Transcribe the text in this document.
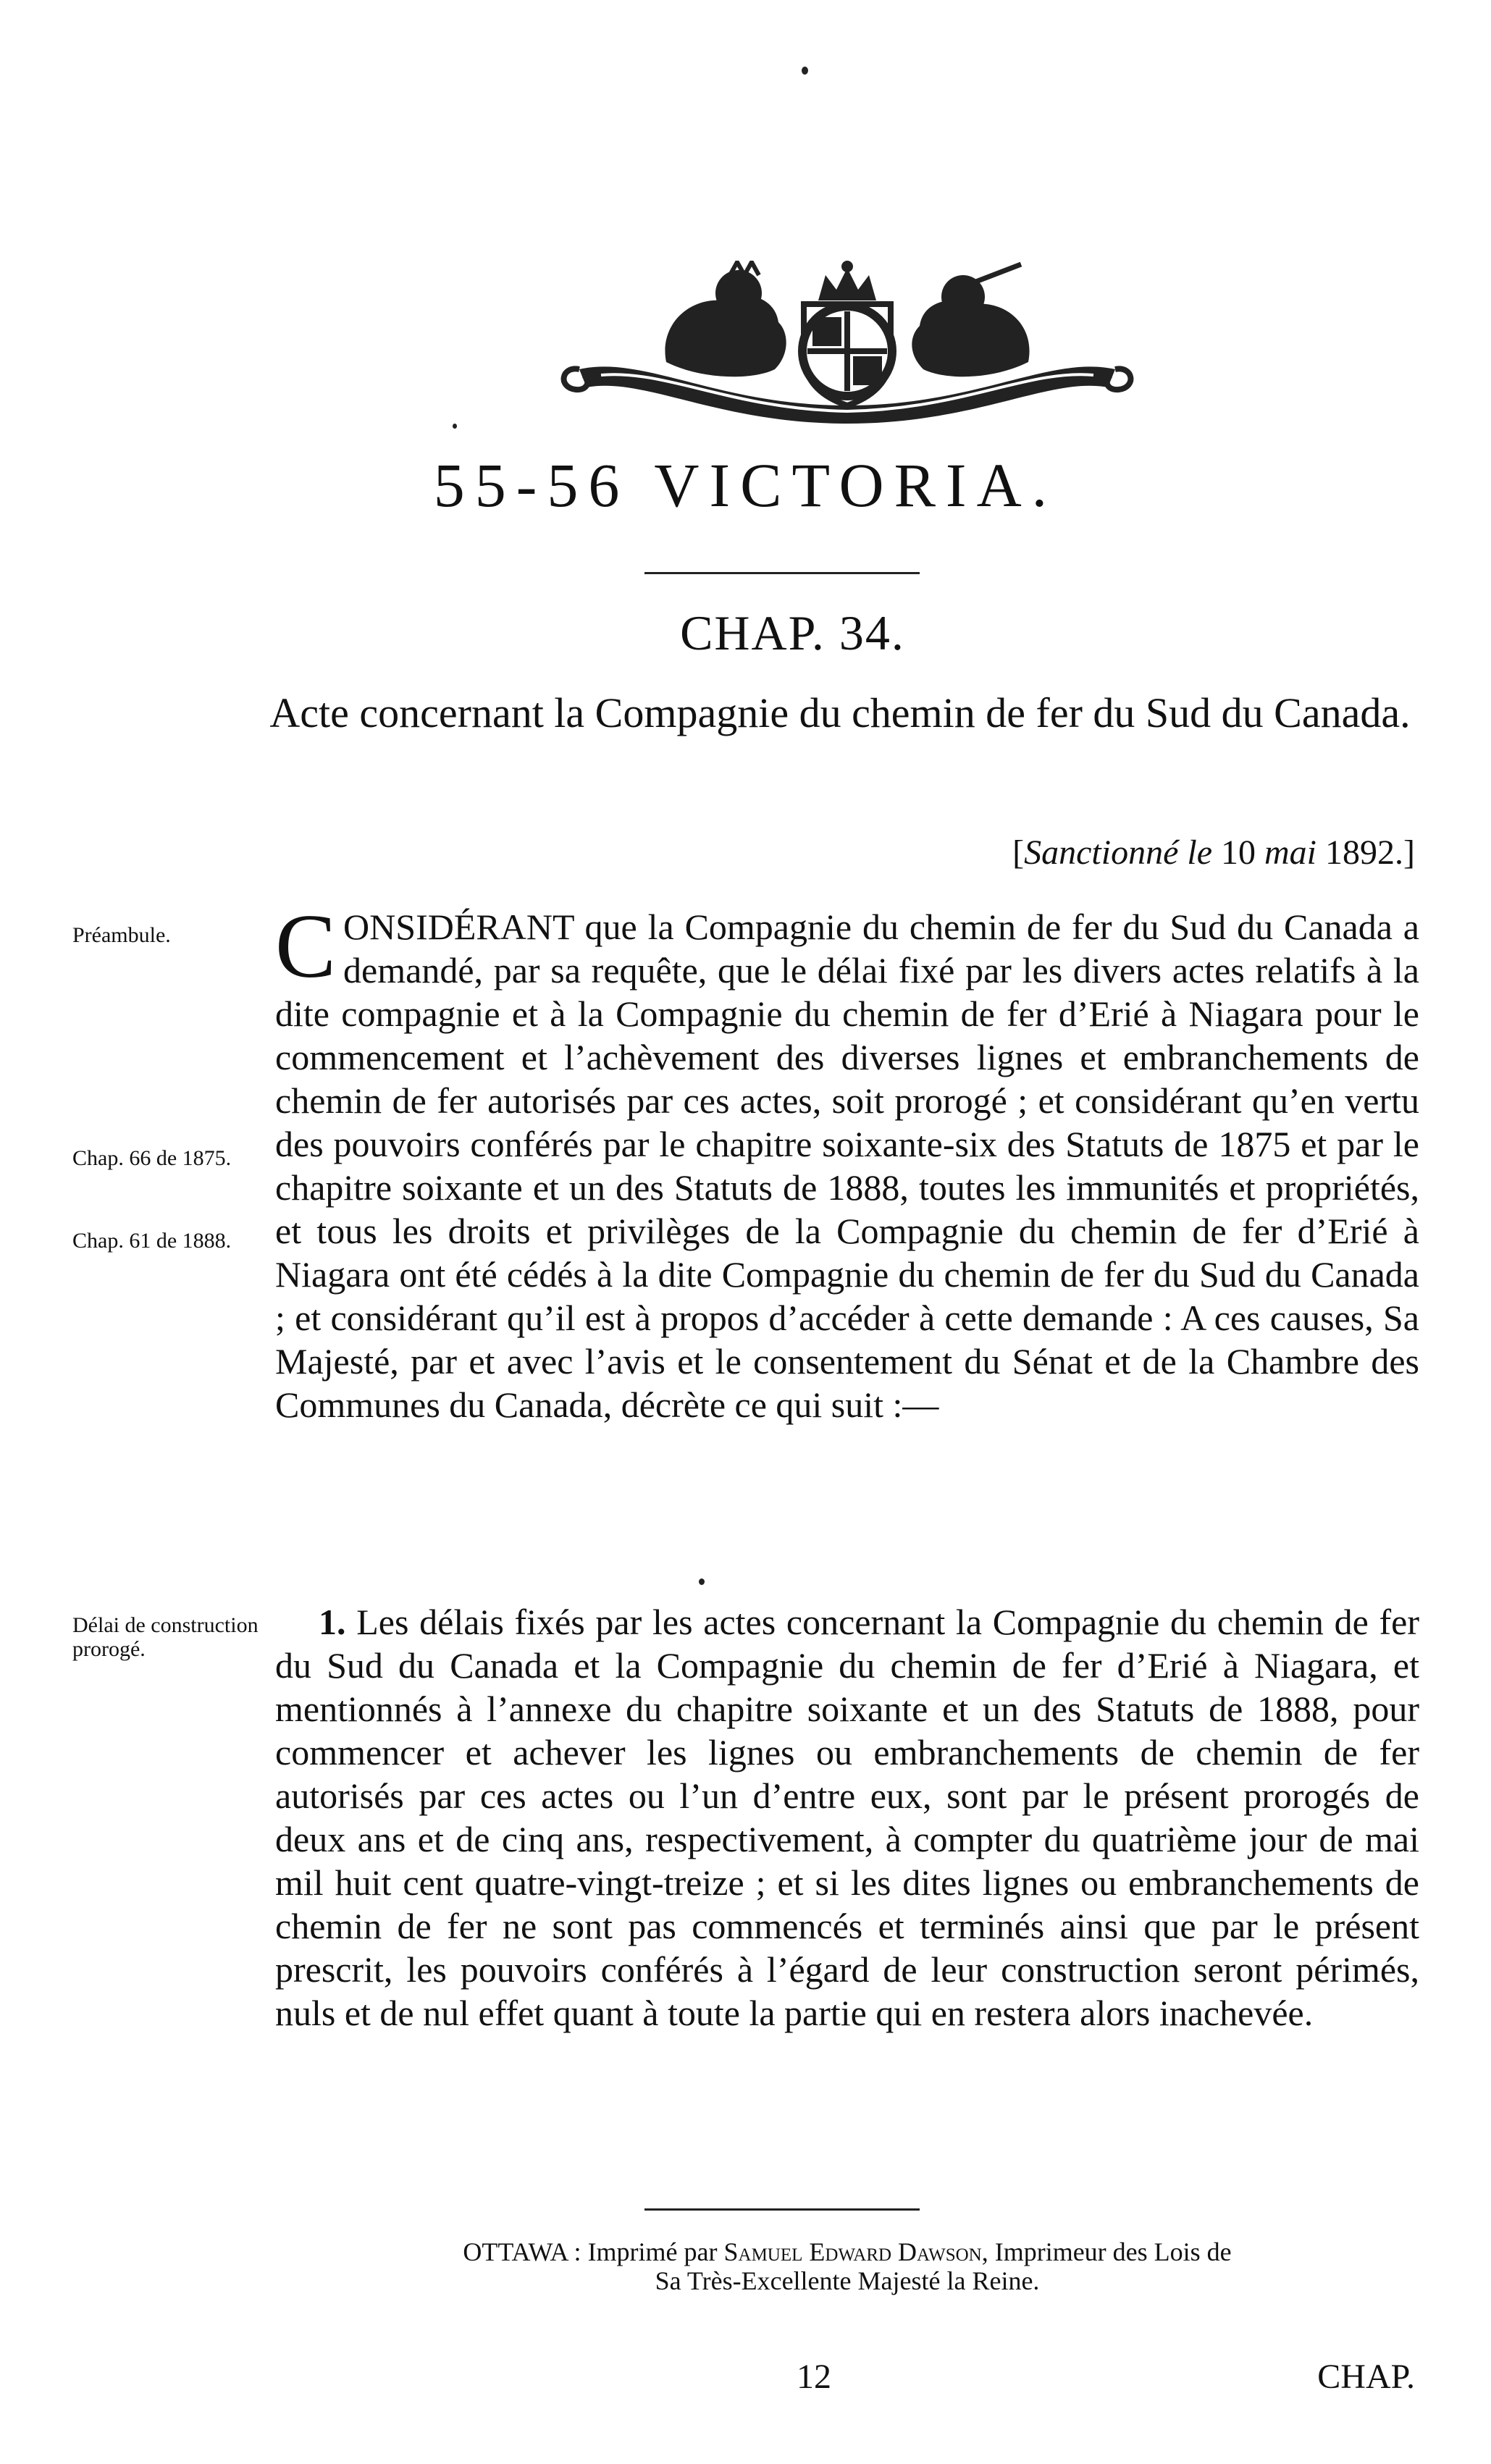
55-56 VICTORIA.
CHAP. 34.
Acte concernant la Compagnie du chemin de fer du Sud du Canada.
[Sanctionné le 10 mai 1892.]
Préambule.
Chap. 66 de 1875.
Chap. 61 de 1888.
Délai de construction prorogé.

CONSIDÉRANT que la Compagnie du chemin de fer du Sud du Canada a demandé, par sa requête, que le délai fixé par les divers actes relatifs à la dite compagnie et à la Compagnie du chemin de fer d’Erié à Niagara pour le commencement et l’achèvement des diverses lignes et embranchements de chemin de fer autorisés par ces actes, soit prorogé ; et considérant qu’en vertu des pouvoirs conférés par le chapitre soixante-six des Statuts de 1875 et par le chapitre soixante et un des Statuts de 1888, toutes les immunités et propriétés, et tous les droits et privilèges de la Compagnie du chemin de fer d’Erié à Niagara ont été cédés à la dite Compagnie du chemin de fer du Sud du Canada ; et considérant qu’il est à propos d’accéder à cette demande : A ces causes, Sa Majesté, par et avec l’avis et le consentement du Sénat et de la Chambre des Communes du Canada, décrète ce qui suit :—

1. Les délais fixés par les actes concernant la Compagnie du chemin de fer du Sud du Canada et la Compagnie du chemin de fer d’Erié à Niagara, et mentionnés à l’annexe du chapitre soixante et un des Statuts de 1888, pour commencer et achever les lignes ou embranchements de chemin de fer autorisés par ces actes ou l’un d’entre eux, sont par le présent prorogés de deux ans et de cinq ans, respectivement, à compter du quatrième jour de mai mil huit cent quatre-vingt-treize ; et si les dites lignes ou embranchements de chemin de fer ne sont pas commencés et terminés ainsi que par le présent prescrit, les pouvoirs conférés à l’égard de leur construction seront périmés, nuls et de nul effet quant à toute la partie qui en restera alors inachevée.

OTTAWA : Imprimé par Samuel Edward Dawson, Imprimeur des Lois de
Sa Très-Excellente Majesté la Reine.
12	CHAP.
